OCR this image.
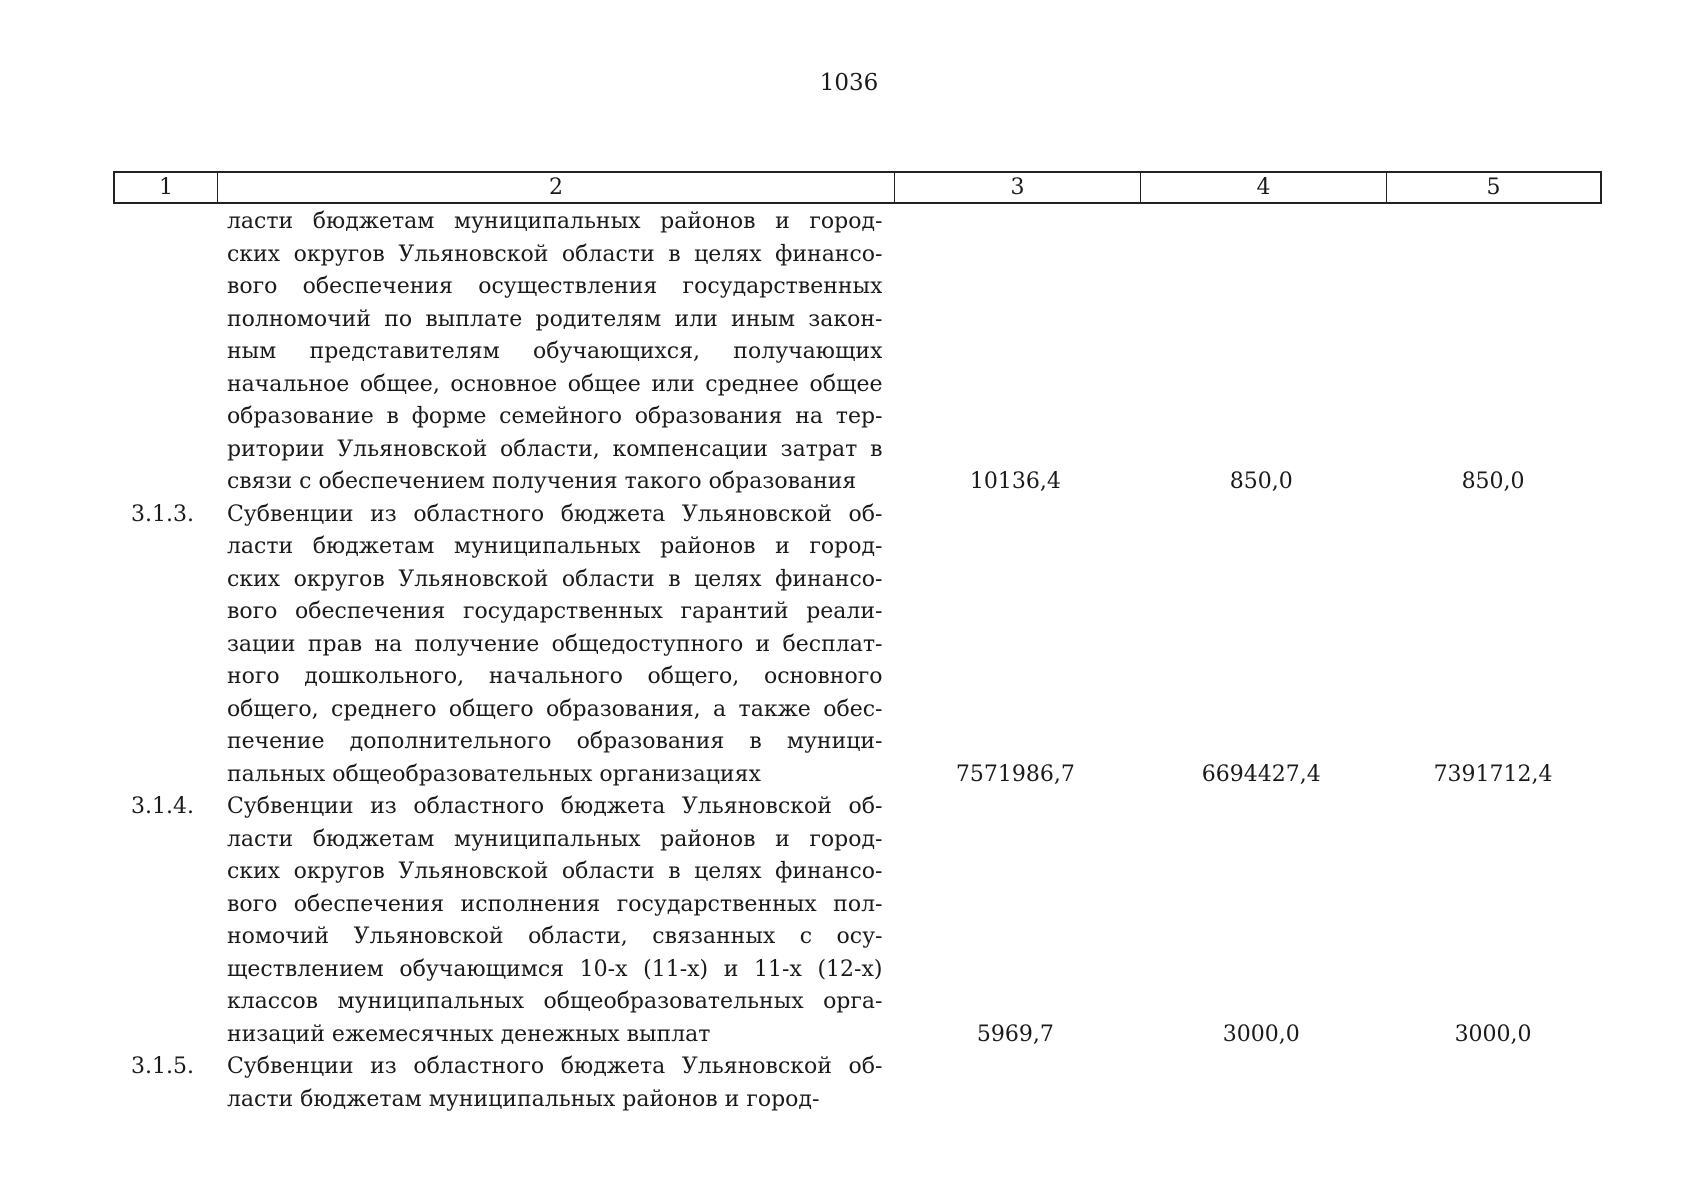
1036
1	2	3	4	5
ласти бюджетам муниципальных районов и город-
ских округов Ульяновской области в целях финансо-
вого обеспечения осуществления государственных
полномочий по выплате родителям или иным закон-
ным представителям обучающихся, получающих
начальное общее, основное общее или среднее общее
образование в форме семейного образования на тер-
ритории Ульяновской области, компенсации затрат в
связи с обеспечением получения такого образования	10136,4	850,0	850,0
3.1.3.	Субвенции из областного бюджета Ульяновской об-
ласти бюджетам муниципальных районов и город-
ских округов Ульяновской области в целях финансо-
вого обеспечения государственных гарантий реали-
зации прав на получение общедоступного и бесплат-
ного дошкольного, начального общего, основного
общего, среднего общего образования, а также обес-
печение дополнительного образования в муници-
пальных общеобразовательных организациях	7571986,7	6694427,4	7391712,4
3.1.4.	Субвенции из областного бюджета Ульяновской об-
ласти бюджетам муниципальных районов и город-
ских округов Ульяновской области в целях финансо-
вого обеспечения исполнения государственных пол-
номочий Ульяновской области, связанных с осу-
ществлением обучающимся 10-х (11-х) и 11-х (12-х)
классов муниципальных общеобразовательных орга-
низаций ежемесячных денежных выплат	5969,7	3000,0	3000,0
3.1.5.	Субвенции из областного бюджета Ульяновской об-
ласти бюджетам муниципальных районов и город-
